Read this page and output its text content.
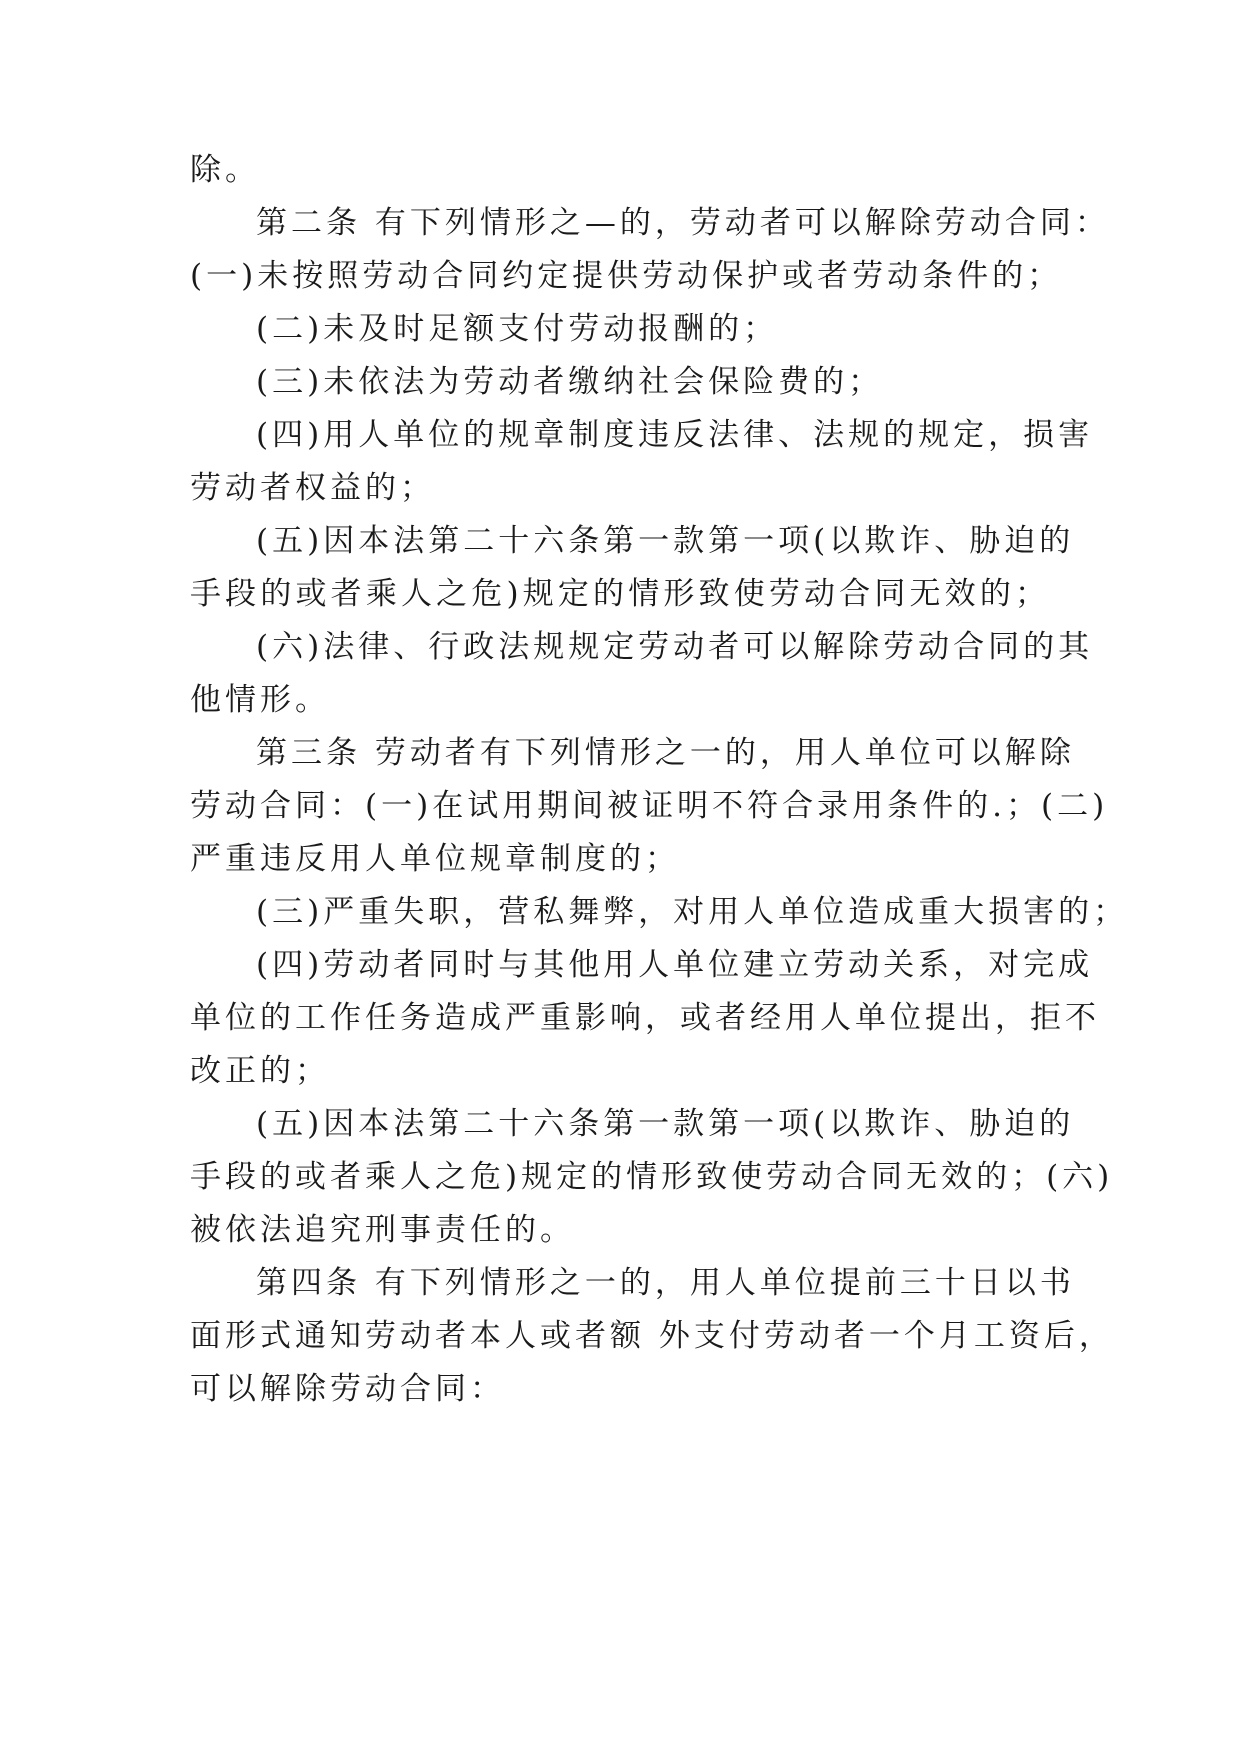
除。
第二条 有下列情形之—的，劳动者可以解除劳动合同：
(一)未按照劳动合同约定提供劳动保护或者劳动条件的；
(二)未及时足额支付劳动报酬的；
(三)未依法为劳动者缴纳社会保险费的；
(四)用人单位的规章制度违反法律、法规的规定，损害
劳动者权益的；
(五)因本法第二十六条第一款第一项(以欺诈、胁迫的
手段的或者乘人之危)规定的情形致使劳动合同无效的；
(六)法律、行政法规规定劳动者可以解除劳动合同的其
他情形。
第三条 劳动者有下列情形之一的，用人单位可以解除
劳动合同：(一)在试用期间被证明不符合录用条件的.；(二)
严重违反用人单位规章制度的；
(三)严重失职，营私舞弊，对用人单位造成重大损害的；
(四)劳动者同时与其他用人单位建立劳动关系，对完成
单位的工作任务造成严重影响，或者经用人单位提出，拒不
改正的；
(五)因本法第二十六条第一款第一项(以欺诈、胁迫的
手段的或者乘人之危)规定的情形致使劳动合同无效的；(六)
被依法追究刑事责任的。
第四条 有下列情形之一的，用人单位提前三十日以书
面形式通知劳动者本人或者额 外支付劳动者一个月工资后，
可以解除劳动合同：
